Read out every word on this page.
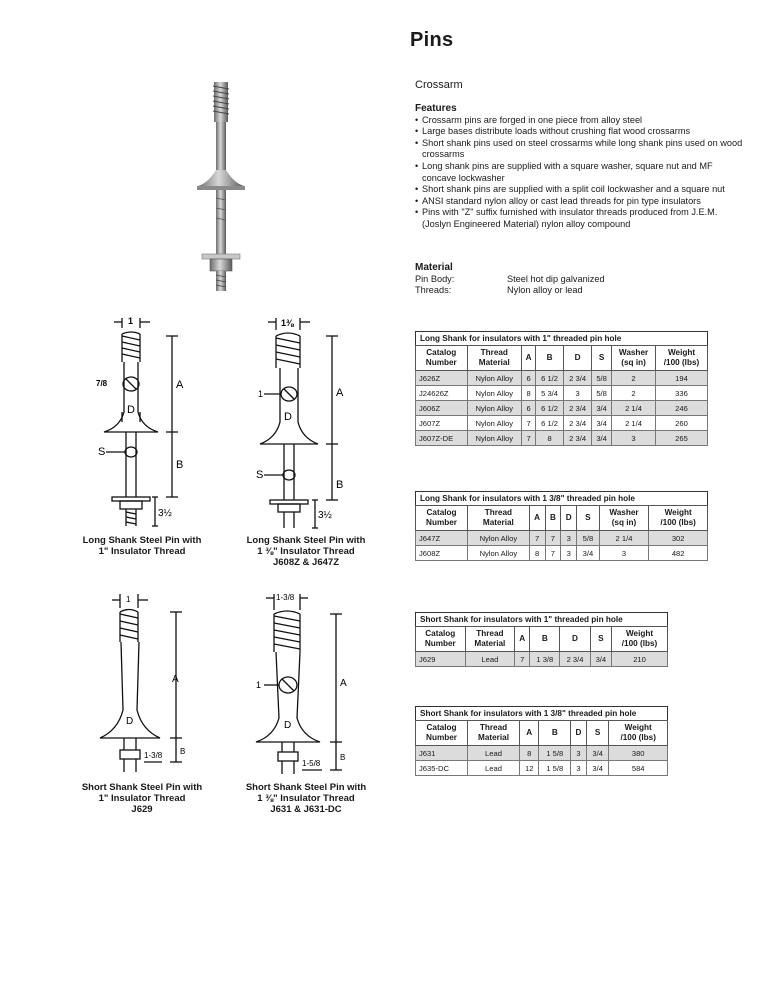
Pins
Crossarm
Features
• Crossarm pins are forged in one piece from alloy steel
• Large bases distribute loads without crushing flat wood crossarms
• Short shank pins used on steel crossarms while long shank pins used on wood crossarms
• Long shank pins are supplied with a square washer, square nut and MF concave lockwasher
• Short shank pins are supplied with a split coil lockwasher and a square nut
• ANSI standard nylon alloy or cast lead threads for pin type insulators
• Pins with "Z" suffix furnished with insulator threads produced from J.E.M. (Joslyn Engineered Material) nylon alloy compound
Material
Pin Body:	Steel hot dip galvanized
Threads:	Nylon alloy or lead
1
7/8	A
D
S
B
3½
Long Shank Steel Pin with
1" Insulator Thread
1⅜
1	A
D
S
B
3½
Long Shank Steel Pin with
1 ⅜" Insulator Thread
J608Z & J647Z
1
A
D
B
1-3/8
Short Shank Steel Pin with
1" Insulator Thread
J629
1-3/8
1	A
D
B
1-5/8
Short Shank Steel Pin with
1 ⅜" Insulator Thread
J631 & J631-DC
Long Shank for insulators with 1" threaded pin hole
Catalog
Number	Thread
Material	A	B	D	S	Washer
(sq in)	Weight
/100 (lbs)
J626Z	Nylon Alloy	6	6 1/2	2 3/4	5/8	2	194
J24626Z	Nylon Alloy	8	5 3/4	3	5/8	2	336
J606Z	Nylon Alloy	6	6 1/2	2 3/4	3/4	2 1/4	246
J607Z	Nylon Alloy	7	6 1/2	2 3/4	3/4	2 1/4	260
J607Z-DE	Nylon Alloy	7	8	2 3/4	3/4	3	265
Long Shank for insulators with 1 3/8" threaded pin hole
Catalog
Number	Thread
Material	A	B	D	S	Washer
(sq in)	Weight
/100 (lbs)
J647Z	Nylon Alloy	7	7	3	5/8	2 1/4	302
J608Z	Nylon Alloy	8	7	3	3/4	3	482
Short Shank for insulators with 1" threaded pin hole
Catalog
Number	Thread
Material	A	B	D	S	Weight
/100 (lbs)
J629	Lead	7	1 3/8	2 3/4	3/4	210
Short Shank for insulators with 1 3/8" threaded pin hole
Catalog
Number	Thread
Material	A	B	D	S	Weight
/100 (lbs)
J631	Lead	8	1 5/8	3	3/4	380
J635-DC	Lead	12	1 5/8	3	3/4	584
